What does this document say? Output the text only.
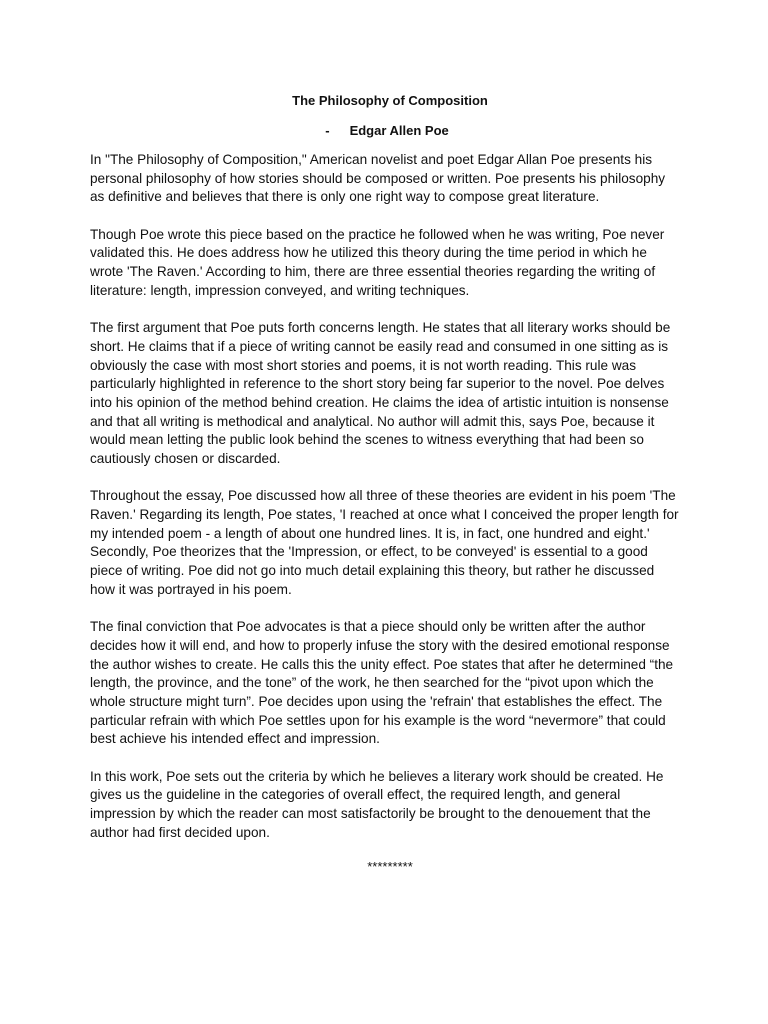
The Philosophy of Composition

- Edgar Allen Poe

In "The Philosophy of Composition," American novelist and poet Edgar Allan Poe presents his personal philosophy of how stories should be composed or written. Poe presents his philosophy as definitive and believes that there is only one right way to compose great literature.

Though Poe wrote this piece based on the practice he followed when he was writing, Poe never validated this. He does address how he utilized this theory during the time period in which he wrote 'The Raven.' According to him, there are three essential theories regarding the writing of literature: length, impression conveyed, and writing techniques.

The first argument that Poe puts forth concerns length. He states that all literary works should be short. He claims that if a piece of writing cannot be easily read and consumed in one sitting as is obviously the case with most short stories and poems, it is not worth reading. This rule was particularly highlighted in reference to the short story being far superior to the novel. Poe delves into his opinion of the method behind creation. He claims the idea of artistic intuition is nonsense and that all writing is methodical and analytical. No author will admit this, says Poe, because it would mean letting the public look behind the scenes to witness everything that had been so cautiously chosen or discarded.

Throughout the essay, Poe discussed how all three of these theories are evident in his poem 'The Raven.' Regarding its length, Poe states, 'I reached at once what I conceived the proper length for my intended poem - a length of about one hundred lines. It is, in fact, one hundred and eight.' Secondly, Poe theorizes that the 'Impression, or effect, to be conveyed' is essential to a good piece of writing. Poe did not go into much detail explaining this theory, but rather he discussed how it was portrayed in his poem.

The final conviction that Poe advocates is that a piece should only be written after the author decides how it will end, and how to properly infuse the story with the desired emotional response the author wishes to create. He calls this the unity effect. Poe states that after he determined “the length, the province, and the tone” of the work, he then searched for the “pivot upon which the whole structure might turn”. Poe decides upon using the 'refrain' that establishes the effect. The particular refrain with which Poe settles upon for his example is the word “nevermore” that could best achieve his intended effect and impression.

In this work, Poe sets out the criteria by which he believes a literary work should be created. He gives us the guideline in the categories of overall effect, the required length, and general impression by which the reader can most satisfactorily be brought to the denouement that the author had first decided upon.

*********
